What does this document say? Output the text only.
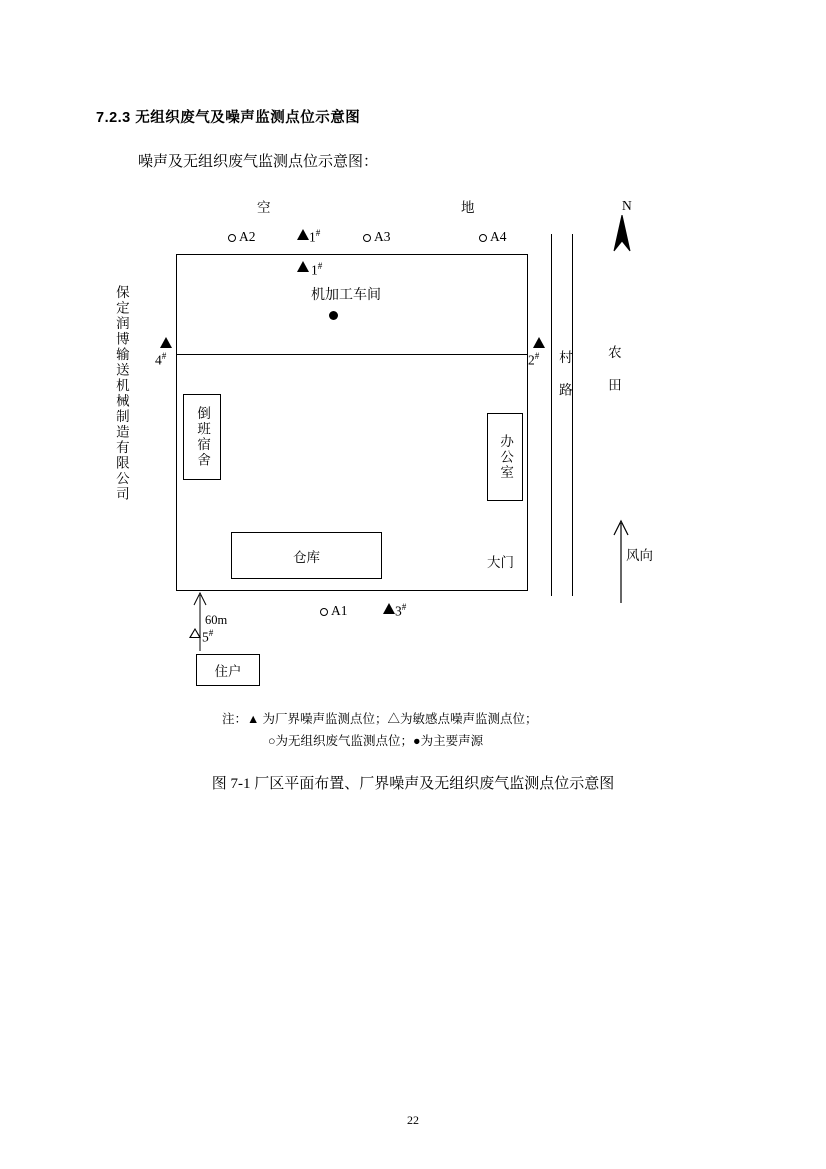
7.2.3 无组织废气及噪声监测点位示意图
噪声及无组织废气监测点位示意图：
空	地	N
A2	1#	A3	A4
1#
机加工车间
4#	2# 村 路	农 田
风向
倒班宿舍	办公室
仓库	大门
A1	3#
60m
5#
住户
保定润博输送机械制造有限公司
注：▲ 为厂界噪声监测点位；△为敏感点噪声监测点位；
○为无组织废气监测点位；●为主要声源
图 7-1 厂区平面布置、厂界噪声及无组织废气监测点位示意图
22
